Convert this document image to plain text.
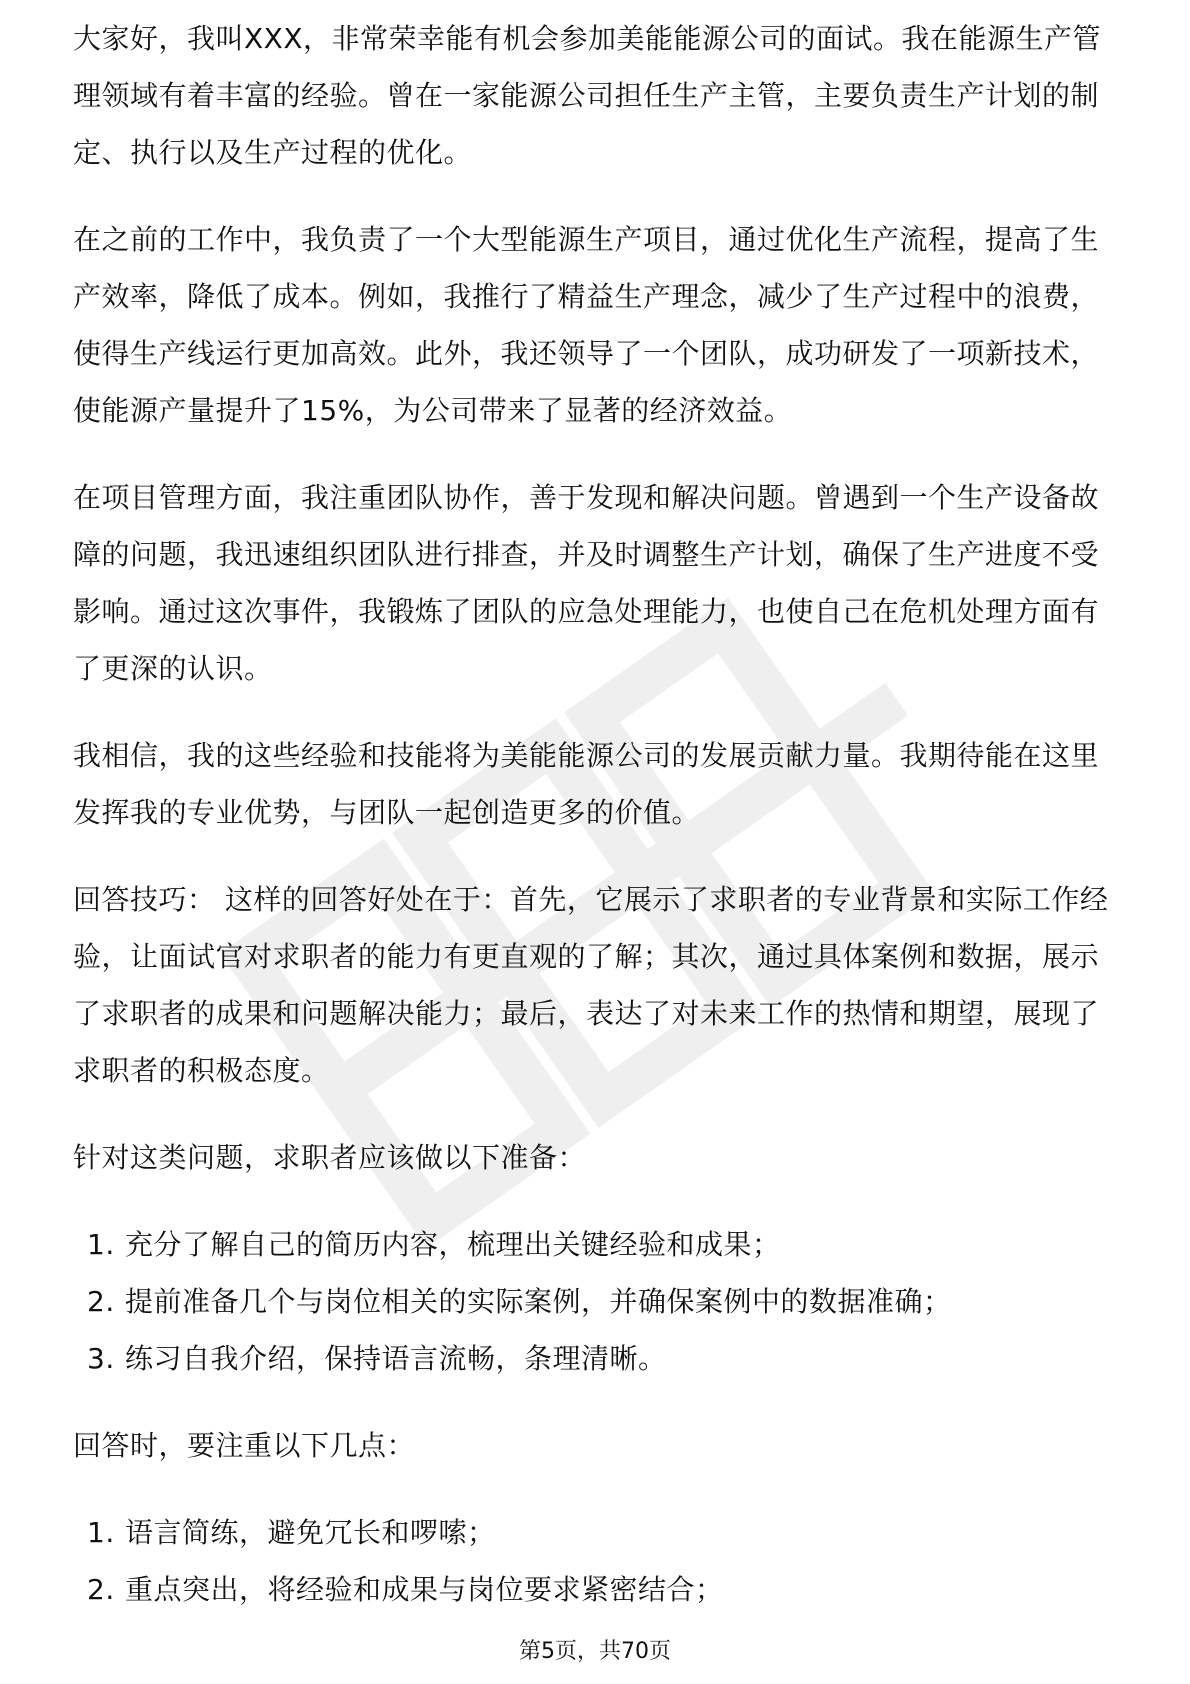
大家好，我叫XXX，非常荣幸能有机会参加美能能源公司的面试。我在能源生产管理领域有着丰富的经验。曾在一家能源公司担任生产主管，主要负责生产计划的制定、执行以及生产过程的优化。

在之前的工作中，我负责了一个大型能源生产项目，通过优化生产流程，提高了生产效率，降低了成本。例如，我推行了精益生产理念，减少了生产过程中的浪费，使得生产线运行更加高效。此外，我还领导了一个团队，成功研发了一项新技术，使能源产量提升了15%，为公司带来了显著的经济效益。

在项目管理方面，我注重团队协作，善于发现和解决问题。曾遇到一个生产设备故障的问题，我迅速组织团队进行排查，并及时调整生产计划，确保了生产进度不受影响。通过这次事件，我锻炼了团队的应急处理能力，也使自己在危机处理方面有了更深的认识。

我相信，我的这些经验和技能将为美能能源公司的发展贡献力量。我期待能在这里发挥我的专业优势，与团队一起创造更多的价值。

回答技巧： 这样的回答好处在于：首先，它展示了求职者的专业背景和实际工作经验，让面试官对求职者的能力有更直观的了解；其次，通过具体案例和数据，展示了求职者的成果和问题解决能力；最后，表达了对未来工作的热情和期望，展现了求职者的积极态度。

针对这类问题，求职者应该做以下准备：

1. 充分了解自己的简历内容，梳理出关键经验和成果；
2. 提前准备几个与岗位相关的实际案例，并确保案例中的数据准确；
3. 练习自我介绍，保持语言流畅，条理清晰。

回答时，要注重以下几点：

1. 语言简练，避免冗长和啰嗦；
2. 重点突出，将经验和成果与岗位要求紧密结合；
第5页，共70页
